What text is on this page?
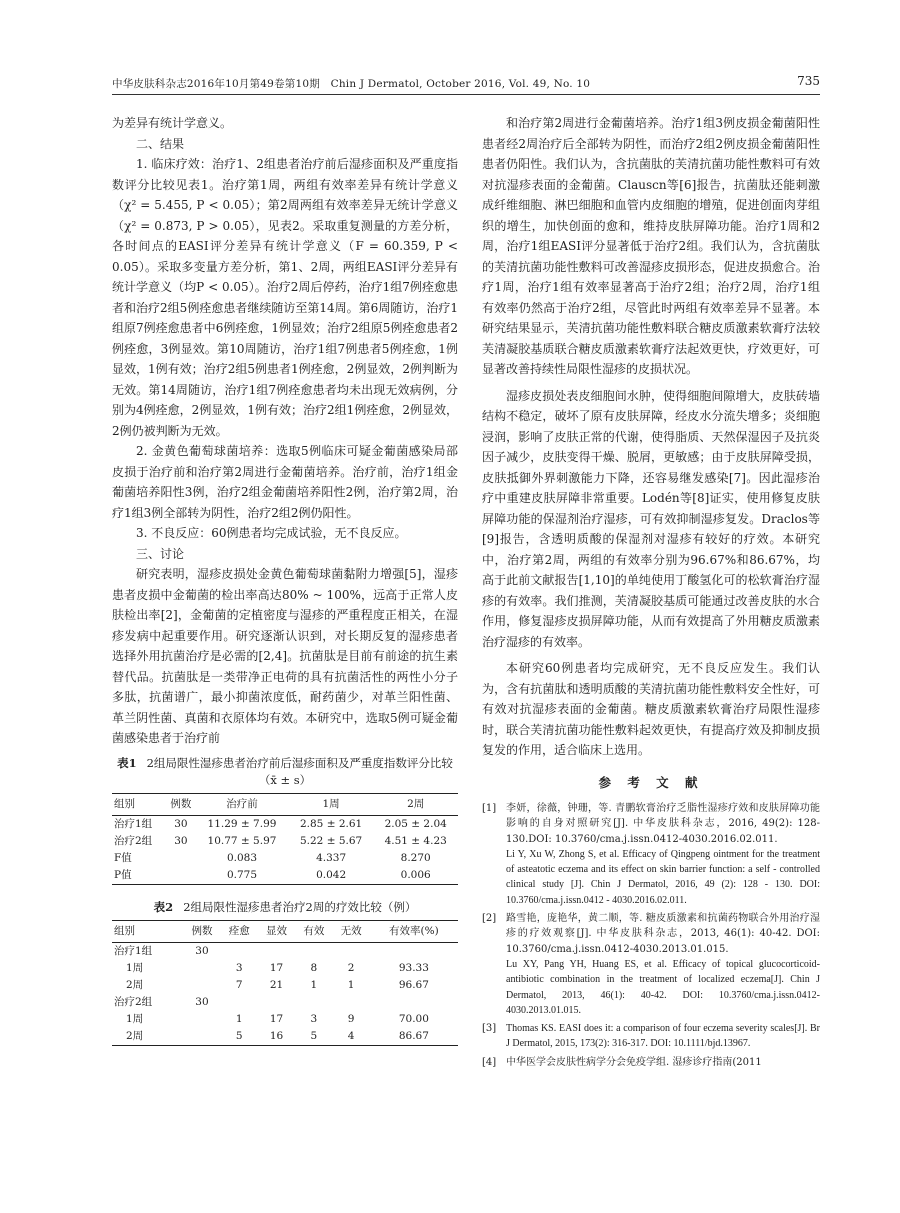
中华皮肤科杂志2016年10月第49卷第10期　Chin J Dermatol, October 2016, Vol. 49, No. 10	735

为差异有统计学意义。

二、结果

1. 临床疗效：治疗1、2组患者治疗前后湿疹面积及严重度指数评分比较见表1。治疗第1周，两组有效率差异有统计学意义（χ² = 5.455, P < 0.05）；第2周两组有效率差异无统计学意义（χ² = 0.873, P > 0.05），见表2。采取重复测量的方差分析，各时间点的EASI评分差异有统计学意义（F = 60.359, P < 0.05）。采取多变量方差分析，第1、2周，两组EASI评分差异有统计学意义（均P < 0.05）。治疗2周后停药，治疗1组7例痊愈患者和治疗2组5例痊愈患者继续随访至第14周。第6周随访，治疗1组原7例痊愈患者中6例痊愈，1例显效；治疗2组原5例痊愈患者2例痊愈，3例显效。第10周随访，治疗1组7例患者5例痊愈，1例显效，1例有效；治疗2组5例患者1例痊愈，2例显效，2例判断为无效。第14周随访，治疗1组7例痊愈患者均未出现无效病例，分别为4例痊愈，2例显效，1例有效；治疗2组1例痊愈，2例显效，2例仍被判断为无效。

2. 金黄色葡萄球菌培养：选取5例临床可疑金葡菌感染局部皮损于治疗前和治疗第2周进行金葡菌培养。治疗前，治疗1组金葡菌培养阳性3例，治疗2组金葡菌培养阳性2例，治疗第2周，治疗1组3例全部转为阴性，治疗2组2例仍阳性。

3. 不良反应：60例患者均完成试验，无不良反应。

三、讨论

研究表明，湿疹皮损处金黄色葡萄球菌黏附力增强[5]，湿疹患者皮损中金葡菌的检出率高达80% ~ 100%，远高于正常人皮肤检出率[2]，金葡菌的定植密度与湿疹的严重程度正相关，在湿疹发病中起重要作用。研究逐渐认识到，对长期反复的湿疹患者选择外用抗菌治疗是必需的[2,4]。抗菌肽是目前有前途的抗生素替代品。抗菌肽是一类带净正电荷的具有抗菌活性的两性小分子多肽，抗菌谱广，最小抑菌浓度低，耐药菌少，对革兰阳性菌、革兰阴性菌、真菌和衣原体均有效。本研究中，选取5例可疑金葡菌感染患者于治疗前

表1 2组局限性湿疹患者治疗前后湿疹面积及严重度指数评分比较（x̄ ± s）
组别	例数	治疗前	1周	2周
治疗1组	30	11.29 ± 7.99	2.85 ± 2.61	2.05 ± 2.04
治疗2组	30	10.77 ± 5.97	5.22 ± 5.67	4.51 ± 4.23
F值		0.083	4.337	8.270
P值		0.775	0.042	0.006
表2 2组局限性湿疹患者治疗2周的疗效比较（例）
组别	例数	痊愈	显效	有效	无效	有效率(%)
治疗1组	30					
1周		3	17	8	2	93.33
2周		7	21	1	1	96.67
治疗2组	30					
1周		1	17	3	9	70.00
2周		5	16	5	4	86.67

和治疗第2周进行金葡菌培养。治疗1组3例皮损金葡菌阳性患者经2周治疗后全部转为阴性，而治疗2组2例皮损金葡菌阳性患者仍阳性。我们认为，含抗菌肽的芙清抗菌功能性敷料可有效对抗湿疹表面的金葡菌。Clauscn等[6]报告，抗菌肽还能刺激成纤维细胞、淋巴细胞和血管内皮细胞的增殖，促进创面肉芽组织的增生，加快创面的愈和，维持皮肤屏障功能。治疗1周和2周，治疗1组EASI评分显著低于治疗2组。我们认为，含抗菌肽的芙清抗菌功能性敷料可改善湿疹皮损形态，促进皮损愈合。治疗1周，治疗1组有效率显著高于治疗2组；治疗2周，治疗1组有效率仍然高于治疗2组，尽管此时两组有效率差异不显著。本研究结果显示，芙清抗菌功能性敷料联合糖皮质激素软膏疗法较芙清凝胶基质联合糖皮质激素软膏疗法起效更快，疗效更好，可显著改善持续性局限性湿疹的皮损状况。

湿疹皮损处表皮细胞间水肿，使得细胞间隙增大，皮肤砖墙结构不稳定，破坏了原有皮肤屏障，经皮水分流失增多；炎细胞浸润，影响了皮肤正常的代谢，使得脂质、天然保湿因子及抗炎因子减少，皮肤变得干燥、脱屑，更敏感；由于皮肤屏障受损，皮肤抵御外界刺激能力下降，还容易继发感染[7]。因此湿疹治疗中重建皮肤屏障非常重要。Lodén等[8]证实，使用修复皮肤屏障功能的保湿剂治疗湿疹，可有效抑制湿疹复发。Draclos等[9]报告，含透明质酸的保湿剂对湿疹有较好的疗效。本研究中，治疗第2周，两组的有效率分别为96.67%和86.67%，均高于此前文献报告[1,10]的单纯使用丁酸氢化可的松软膏治疗湿疹的有效率。我们推测，芙清凝胶基质可能通过改善皮肤的水合作用，修复湿疹皮损屏障功能，从而有效提高了外用糖皮质激素治疗湿疹的有效率。

本研究60例患者均完成研究，无不良反应发生。我们认为，含有抗菌肽和透明质酸的芙清抗菌功能性敷料安全性好，可有效对抗湿疹表面的金葡菌。糖皮质激素软膏治疗局限性湿疹时，联合芙清抗菌功能性敷料起效更快，有提高疗效及抑制皮损复发的作用，适合临床上选用。

参 考 文 献
[1] 李妍，徐薇，钟珊，等. 青鹏软膏治疗乏脂性湿疹疗效和皮肤屏障功能影响的自身对照研究[J]. 中华皮肤科杂志，2016, 49(2): 128-130.DOI: 10.3760/cma.j.issn.0412-4030.2016.02.011.
Li Y, Xu W, Zhong S, et al. Efficacy of Qingpeng ointment for the treatment of asteatotic eczema and its effect on skin barrier function: a self - controlled clinical study [J]. Chin J Dermatol, 2016, 49 (2): 128 - 130. DOI: 10.3760/cma.j.issn.0412 - 4030.2016.02.011.
[2] 路雪艳，庞艳华，黄二顺，等. 糖皮质激素和抗菌药物联合外用治疗湿疹的疗效观察[J]. 中华皮肤科杂志，2013, 46(1): 40-42. DOI: 10.3760/cma.j.issn.0412-4030.2013.01.015.
Lu XY, Pang YH, Huang ES, et al. Efficacy of topical glucocorticoid-antibiotic combination in the treatment of localized eczema[J]. Chin J Dermatol, 2013, 46(1): 40-42. DOI: 10.3760/cma.j.issn.0412-4030.2013.01.015.
[3] Thomas KS. EASI does it: a comparison of four eczema severity scales[J]. Br J Dermatol, 2015, 173(2): 316-317. DOI: 10.1111/bjd.13967.
[4] 中华医学会皮肤性病学分会免疫学组. 湿疹诊疗指南(2011
